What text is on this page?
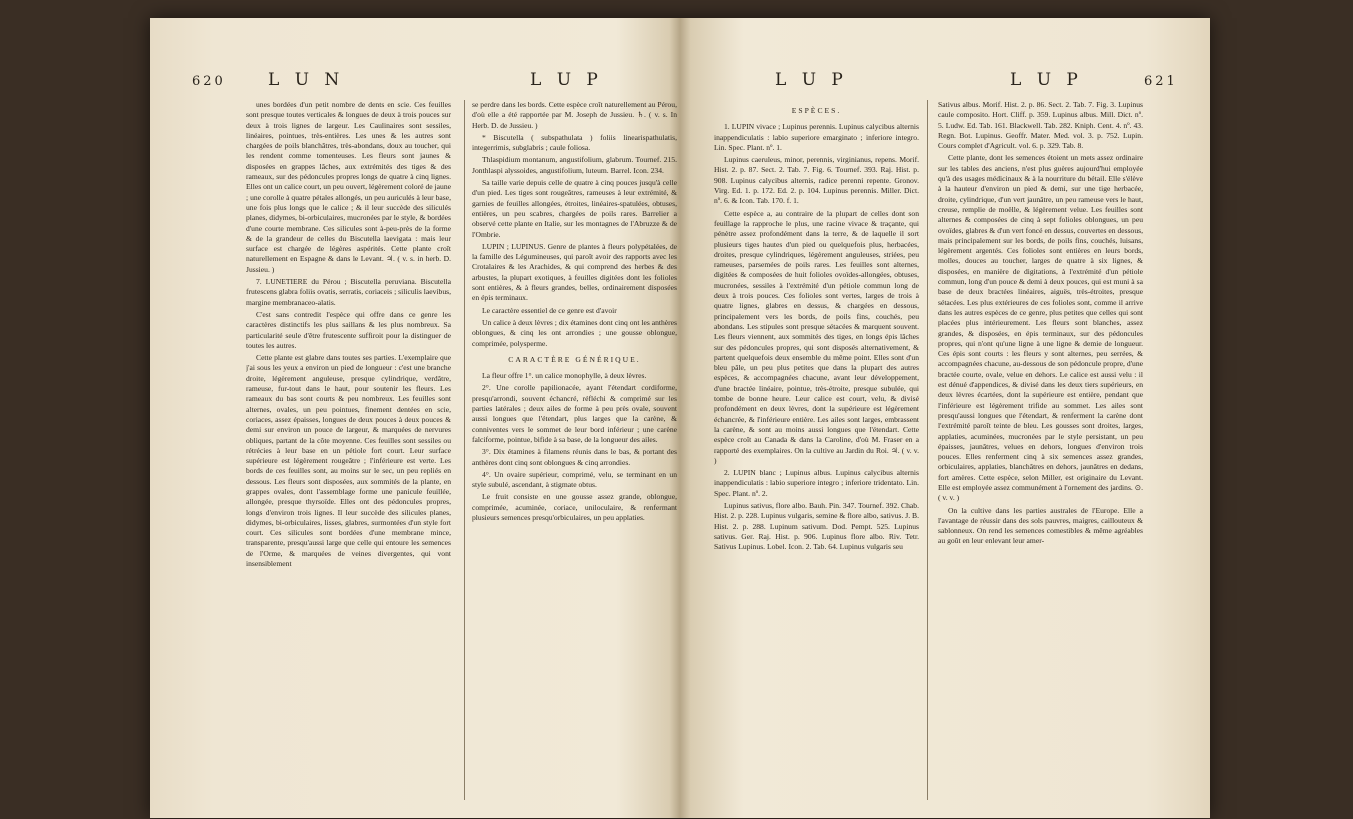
620 L U N	L U P

unes bordées d'un petit nombre de dents en scie. Ces feuilles sont presque toutes verticales & longues de deux à trois pouces sur deux à trois lignes de largeur. Les Caulinaires sont sessiles, linéaires, pointues, très-entières. Les unes & les autres sont chargées de poils blanchâtres, très-abondans, doux au toucher, qui les rendent comme tomenteuses. Les fleurs sont jaunes & disposées en grappes lâches, aux extrémités des tiges & des rameaux, sur des pédoncules propres longs de quatre à cinq lignes. Elles ont un calice court, un peu ouvert, légèrement coloré de jaune ; une corolle à quatre pétales allongés, un peu auriculés à leur base, une fois plus longs que le calice ; & il leur succède des siliculés planes, didymes, bi-orbiculaires, mucronées par le style, & bordées d'une courte membrane. Ces silicules sont à-peu-près de la forme & de la grandeur de celles du Biscutella laevigata : mais leur surface est chargée de légères aspérités. Cette plante croît naturellement en Espagne & dans le Levant. ♃. ( v. s. in herb. D. Jussieu. )

7. LUNETIERE du Pérou ; Biscutella peruviana. Biscutella frutescens glabra foliis ovatis, serratis, coriaceis ; siliculis laevibus, margine membranaceo-alatis.

C'est sans contredit l'espèce qui offre dans ce genre les caractères distinctifs les plus saillans & les plus nombreux. Sa particularité seule d'être frutescente suffiroit pour la distinguer de toutes les autres.

Cette plante est glabre dans toutes ses parties. L'exemplaire que j'ai sous les yeux a environ un pied de longueur : c'est une branche droite, légèrement anguleuse, presque cylindrique, verdâtre, rameuse, fur-tout dans le haut, pour soutenir les fleurs. Les rameaux du bas sont courts & peu nombreux. Les feuilles sont alternes, ovales, un peu pointues, finement dentées en scie, coriaces, assez épaisses, longues de deux pouces à deux pouces & demi sur environ un pouce de largeur, & marquées de nervures obliques, partant de la côte moyenne. Ces feuilles sont sessiles ou rétrécies à leur base en un pétiole fort court. Leur surface supérieure est légèrement rougeâtre ; l'inférieure est verte. Les bords de ces feuilles sont, au moins sur le sec, un peu repliés en dessous. Les fleurs sont disposées, aux sommités de la plante, en grappes ovales, dont l'assemblage forme une panicule feuillée, allongée, presque thyrsoïde. Elles ont des pédoncules propres, longs d'environ trois lignes. Il leur succède des silicules planes, didymes, bi-orbiculaires, lisses, glabres, surmontées d'un style fort court. Ces silicules sont bordées d'une membrane mince, transparente, presqu'aussi large que celle qui entoure les semences de l'Orme, & marquées de veines divergentes, qui vont insensiblement

se perdre dans les bords. Cette espèce croît naturellement au Pérou, d'où elle a été rapportée par M. Joseph de Jussieu. ♄. ( v. s. In Herb. D. de Jussieu. )

* Biscutella ( subspathulata ) foliis linearispathulatis, integerrimis, subglabris ; caule foliosa.

Thlaspidium montanum, angustifolium, glabrum. Tournef. 215. Jonthlaspi alyssoides, angustifolium, luteum. Barrel. Icon. 234.

Sa taille varie depuis celle de quatre à cinq pouces jusqu'à celle d'un pied. Les tiges sont rougeâtres, rameuses à leur extrémité, & garnies de feuilles allongées, étroites, linéaires-spatulées, obtuses, entières, un peu scabres, chargées de poils rares. Barrelier a observé cette plante en Italie, sur les montagnes de l'Abruzze & de l'Ombrie.

LUPIN ; LUPINUS. Genre de plantes à fleurs polypétalées, de la famille des Légumineuses, qui paroît avoir des rapports avec les Crotalaires & les Arachides, & qui comprend des herbes & des arbustes, la plupart exotiques, à feuilles digitées dont les folioles sont entières, & à fleurs grandes, belles, ordinairement disposées en épis terminaux.

Le caractère essentiel de ce genre est d'avoir

Un calice à deux lèvres ; dix étamines dont cinq ont les anthères oblongues, & cinq les ont arrondies ; une gousse oblongue, comprimée, polysperme.

CARACTÈRE GÉNÉRIQUE.

La fleur offre 1°. un calice monophylle, à deux lèvres.

2°. Une corolle papilionacée, ayant l'étendart cordiforme, presqu'arrondi, souvent échancré, réfléchi & comprimé sur les parties latérales ; deux ailes de forme à peu près ovale, souvent aussi longues que l'étendart, plus larges que la carène, & conniventes vers le sommet de leur bord inférieur ; une carène falciforme, pointue, bifide à sa base, de la longueur des ailes.

3°. Dix étamines à filamens réunis dans le bas, & portant des anthères dont cinq sont oblongues & cinq arrondies.

4°. Un ovaire supérieur, comprimé, velu, se terminant en un style subulé, ascendant, à stigmate obtus.

Le fruit consiste en une gousse assez grande, oblongue, comprimée, acuminée, coriace, uniloculaire, & renfermant plusieurs semences presqu'orbiculaires, un peu applaties.

L U P	L U P	621

ESPÈCES.

1. LUPIN vivace ; Lupinus perennis. Lupinus calycibus alternis inappendiculatis : labio superiore emarginato ; inferiore integro. Lin. Spec. Plant. nº. 1.

Lupinus caeruleus, minor, perennis, virginianus, repens. Morif. Hist. 2. p. 87. Sect. 2. Tab. 7. Fig. 6. Tournef. 393. Raj. Hist. p. 908. Lupinus calycibus alternis, radice perenni repente. Gronov. Virg. Ed. 1. p. 172. Ed. 2. p. 104. Lupinus perennis. Miller. Dict. nº. 6. & Icon. Tab. 170. f. 1.

Cette espèce a, au contraire de la plupart de celles dont son feuillage la rapproche le plus, une racine vivace & traçante, qui pénètre assez profondément dans la terre, & de laquelle il sort plusieurs tiges hautes d'un pied ou quelquefois plus, herbacées, droites, presque cylindriques, légèrement anguleuses, striées, peu rameuses, parsemées de poils rares. Les feuilles sont alternes, digitées & composées de huit folioles ovoïdes-allongées, obtuses, mucronées, sessiles à l'extrémité d'un pétiole commun long de deux à trois pouces. Ces folioles sont vertes, larges de trois à quatre lignes, glabres en dessus, & chargées en dessous, principalement vers les bords, de poils fins, couchés, peu abondans. Les stipules sont presque sétacées & marquent souvent. Les fleurs viennent, aux sommités des tiges, en longs épis lâches sur des pédoncules propres, qui sont disposés alternativement, & partent quelquefois deux ensemble du même point. Elles sont d'un bleu pâle, un peu plus petites que dans la plupart des autres espèces, & accompagnées chacune, avant leur développement, d'une bractée linéaire, pointue, très-étroite, presque subulée, qui tombe de bonne heure. Leur calice est court, velu, & divisé profondément en deux lèvres, dont la supérieure est légèrement échancrée, & l'inférieure entière. Les ailes sont larges, embrassent la carène, & sont au moins aussi longues que l'étendart. Cette espèce croît au Canada & dans la Caroline, d'où M. Fraser en a rapporté des exemplaires. On la cultive au Jardin du Roi. ♃. ( v. v. )

2. LUPIN blanc ; Lupinus albus. Lupinus calycibus alternis inappendiculatis : labio superiore integro ; inferiore tridentato. Lin. Spec. Plant. nº. 2.

Lupinus sativus, flore albo. Bauh. Pin. 347. Tournef. 392. Chab. Hist. 2. p. 228. Lupinus vulgaris, semine & flore albo, sativus. J. B. Hist. 2. p. 288. Lupinum sativum. Dod. Pempt. 525. Lupinus sativus. Ger. Raj. Hist. p. 906. Lupinus flore albo. Riv. Tetr. Sativus Lupinus. Lobel. Icon. 2. Tab. 64. Lupinus vulgaris seu

Sativus albus. Morif. Hist. 2. p. 86. Sect. 2. Tab. 7. Fig. 3. Lupinus caule composito. Hort. Cliff. p. 359. Lupinus albus. Mill. Dict. nº. 5. Ludw. Ed. Tab. 161. Blackwell. Tab. 282. Kniph. Cent. 4. nº. 43. Regn. Bot. Lupinus. Geoffr. Mater. Med. vol. 3. p. 752. Lupin. Cours complet d'Agricult. vol. 6. p. 329. Tab. 8.

Cette plante, dont les semences étoient un mets assez ordinaire sur les tables des anciens, n'est plus guères aujourd'hui employée qu'à des usages médicinaux & à la nourriture du bétail. Elle s'élève à la hauteur d'environ un pied & demi, sur une tige herbacée, droite, cylindrique, d'un vert jaunâtre, un peu rameuse vers le haut, creuse, remplie de moëlle, & légèrement velue. Les feuilles sont alternes & composées de cinq à sept folioles oblongues, un peu ovoïdes, glabres & d'un vert foncé en dessus, couvertes en dessous, mais principalement sur les bords, de poils fins, couchés, luisans, légèrement argentés. Ces folioles sont entières en leurs bords, molles, douces au toucher, larges de quatre à six lignes, & disposées, en manière de digitations, à l'extrémité d'un pétiole commun, long d'un pouce & demi à deux pouces, qui est muni à sa base de deux bractées linéaires, aiguës, très-étroites, presque sétacées. Les plus extérieures de ces folioles sont, comme il arrive dans les autres espèces de ce genre, plus petites que celles qui sont placées plus intérieurement. Les fleurs sont blanches, assez grandes, & disposées, en épis terminaux, sur des pédoncules propres, qui n'ont qu'une ligne à une ligne & demie de longueur. Ces épis sont courts : les fleurs y sont alternes, peu serrées, & accompagnées chacune, au-dessous de son pédoncule propre, d'une bractée courte, ovale, velue en dehors. Le calice est aussi velu : il est dénué d'appendices, & divisé dans les deux tiers supérieurs, en deux lèvres écartées, dont la supérieure est entière, pendant que l'inférieure est légèrement trifide au sommet. Les ailes sont presqu'aussi longues que l'étendart, & renferment la carène dont l'extrémité paroît teinte de bleu. Les gousses sont droites, larges, applaties, acuminées, mucronées par le style persistant, un peu épaisses, jaunâtres, velues en dehors, longues d'environ trois pouces. Elles renferment cinq à six semences assez grandes, orbiculaires, applaties, blanchâtres en dehors, jaunâtres en dedans, fort amères. Cette espèce, selon Miller, est originaire du Levant. Elle est employée assez communément à l'ornement des jardins. ⊙. ( v. v. )

On la cultive dans les parties australes de l'Europe. Elle a l'avantage de réussir dans des sols pauvres, maigres, caillouteux & sablonneux. On rend les semences comestibles & même agréables au goût en leur enlevant leur amer-
